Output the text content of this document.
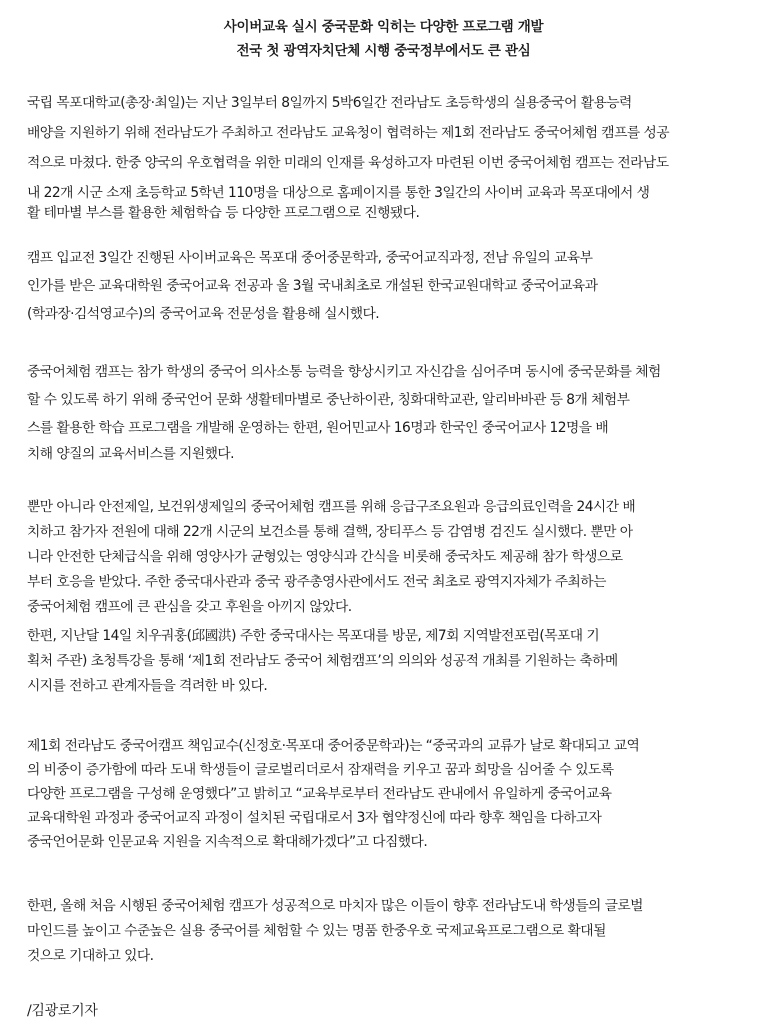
사이버교육 실시 중국문화 익히는 다양한 프로그램 개발
전국 첫 광역자치단체 시행 중국정부에서도 큰 관심
국립 목포대학교(총장·최일)는 지난 3일부터 8일까지 5박6일간 전라남도 초등학생의 실용중국어 활용능력
배양을 지원하기 위해 전라남도가 주최하고 전라남도 교육청이 협력하는 제1회 전라남도 중국어체험 캠프를 성공
적으로 마쳤다. 한중 양국의 우호협력을 위한 미래의 인재를 육성하고자 마련된 이번 중국어체험 캠프는 전라남도
내 22개 시군 소재 초등학교 5학년 110명을 대상으로 홈페이지를 통한 3일간의 사이버 교육과 목포대에서 생
활 테마별 부스를 활용한 체험학습 등 다양한 프로그램으로 진행됐다.
캠프 입교전 3일간 진행된 사이버교육은 목포대 중어중문학과, 중국어교직과정, 전남 유일의 교육부
인가를 받은 교육대학원 중국어교육 전공과 올 3월 국내최초로 개설된 한국교원대학교 중국어교육과
(학과장·김석영교수)의 중국어교육 전문성을 활용해 실시했다.
중국어체험 캠프는 참가 학생의 중국어 의사소통 능력을 향상시키고 자신감을 심어주며 동시에 중국문화를 체험
할 수 있도록 하기 위해 중국언어 문화 생활테마별로 중난하이관, 칭화대학교관, 알리바바관 등 8개 체험부
스를 활용한 학습 프로그램을 개발해 운영하는 한편, 원어민교사 16명과 한국인 중국어교사 12명을 배
치해 양질의 교육서비스를 지원했다.
뿐만 아니라 안전제일, 보건위생제일의 중국어체험 캠프를 위해 응급구조요원과 응급의료인력을 24시간 배
치하고 참가자 전원에 대해 22개 시군의 보건소를 통해 결핵, 장티푸스 등 감염병 검진도 실시했다. 뿐만 아
니라 안전한 단체급식을 위해 영양사가 균형있는 영양식과 간식을 비롯해 중국차도 제공해 참가 학생으로
부터 호응을 받았다. 주한 중국대사관과 중국 광주총영사관에서도 전국 최초로 광역지자체가 주최하는
중국어체험 캠프에 큰 관심을 갖고 후원을 아끼지 않았다.
한편, 지난달 14일 치우궈훙(邱國洪) 주한 중국대사는 목포대를 방문, 제7회 지역발전포럼(목포대 기
획처 주관) 초청특강을 통해 ‘제1회 전라남도 중국어 체험캠프’의 의의와 성공적 개최를 기원하는 축하메
시지를 전하고 관계자들을 격려한 바 있다.
제1회 전라남도 중국어캠프 책임교수(신정호·목포대 중어중문학과)는 “중국과의 교류가 날로 확대되고 교역
의 비중이 증가함에 따라 도내 학생들이 글로벌리더로서 잠재력을 키우고 꿈과 희망을 심어줄 수 있도록
다양한 프로그램을 구성해 운영했다”고 밝히고 “교육부로부터 전라남도 관내에서 유일하게 중국어교육
교육대학원 과정과 중국어교직 과정이 설치된 국립대로서 3자 협약정신에 따라 향후 책임을 다하고자
중국언어문화 인문교육 지원을 지속적으로 확대해가겠다”고 다짐했다.
한편, 올해 처음 시행된 중국어체험 캠프가 성공적으로 마치자 많은 이들이 향후 전라남도내 학생들의 글로벌
마인드를 높이고 수준높은 실용 중국어를 체험할 수 있는 명품 한중우호 국제교육프로그램으로 확대될
것으로 기대하고 있다.
/김광로기자
